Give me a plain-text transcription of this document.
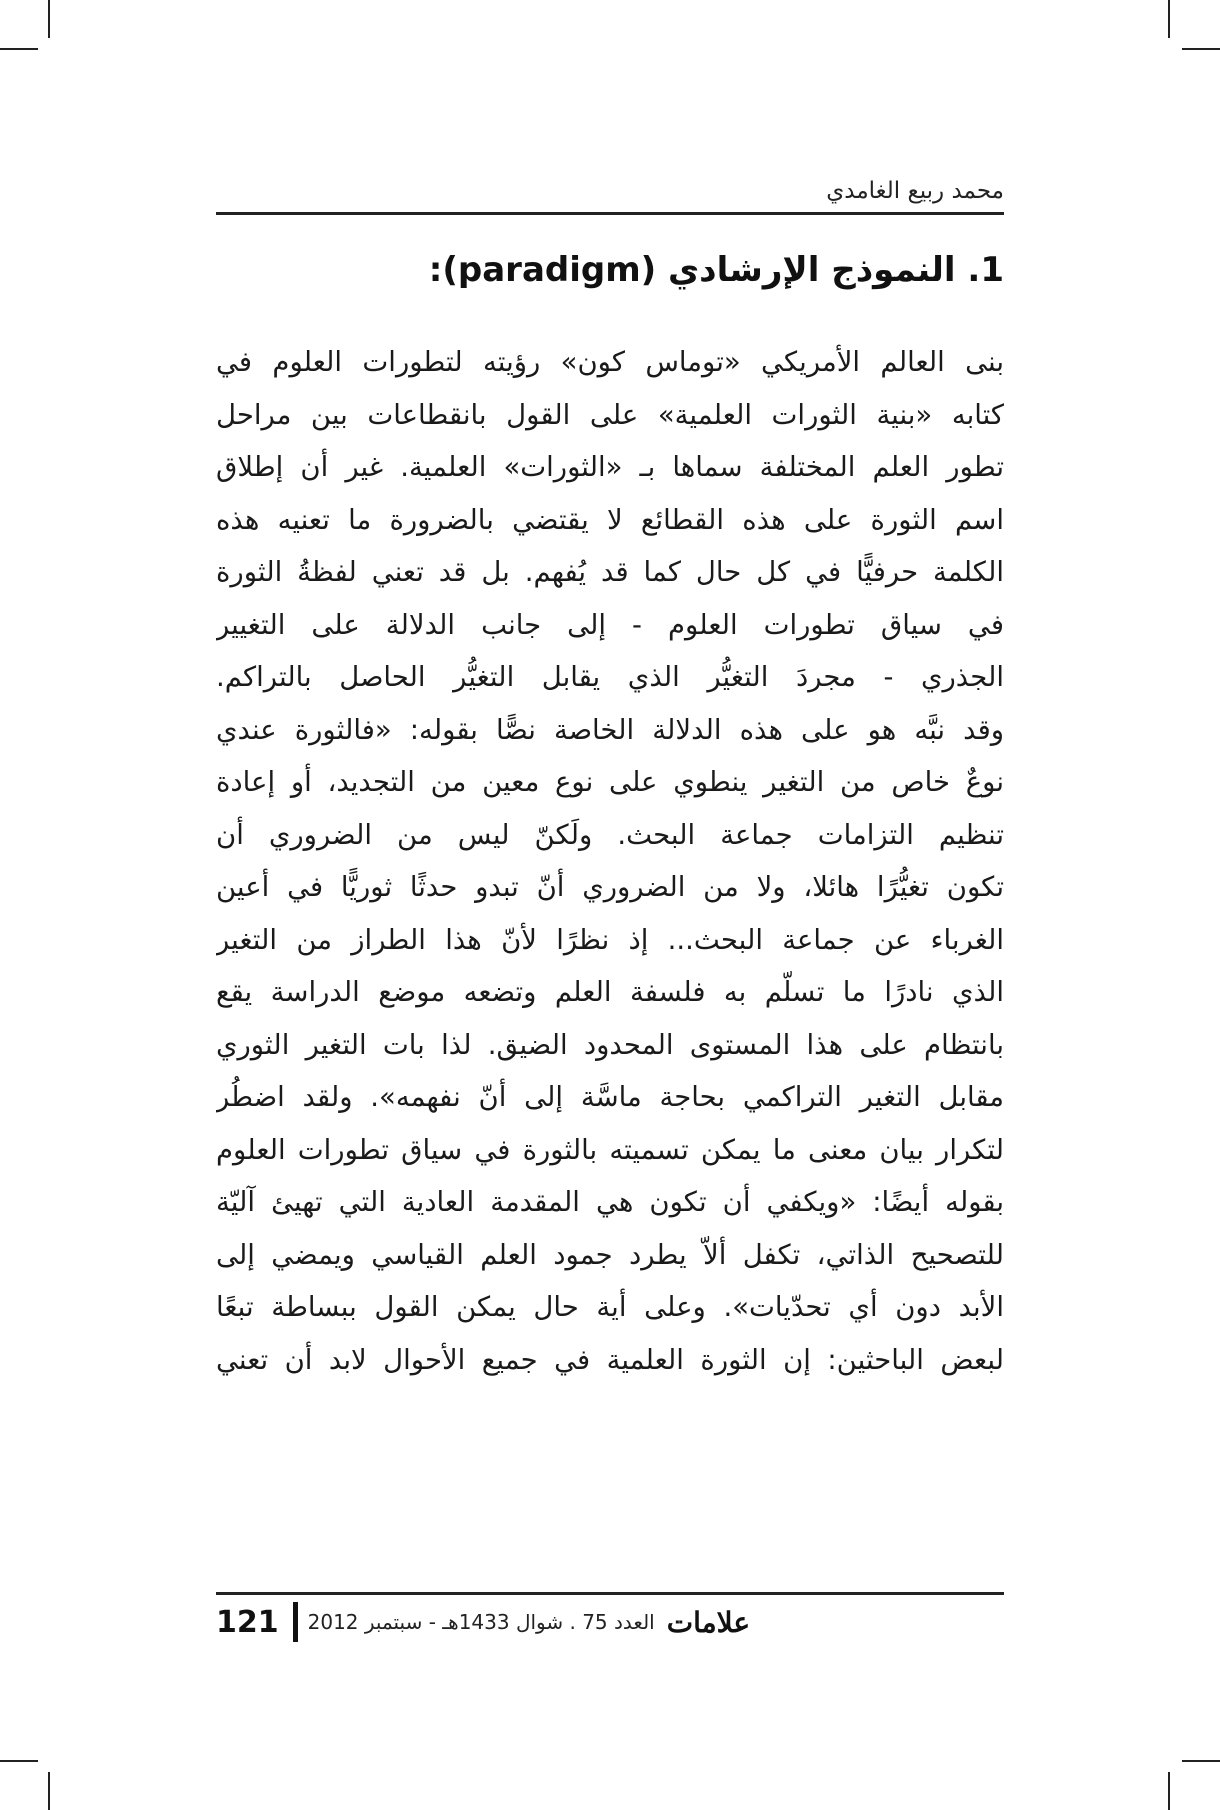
محمد ربيع الغامدي
1. النموذج الإرشادي (paradigm):
بنى العالم الأمريكي «توماس كون» رؤيته لتطورات العلوم في
كتابه «بنية الثورات العلمية» على القول بانقطاعات بين مراحل
تطور العلم المختلفة سماها بـ «الثورات» العلمية. غير أن إطلاق
اسم الثورة على هذه القطائع لا يقتضي بالضرورة ما تعنيه هذه
الكلمة حرفيًّا في كل حال كما قد يُفهم. بل قد تعني لفظةُ الثورة
في سياق تطورات العلوم - إلى جانب الدلالة على التغيير
الجذري - مجردَ التغيُّر الذي يقابل التغيُّر الحاصل بالتراكم.
وقد نبَّه هو على هذه الدلالة الخاصة نصًّا بقوله: «فالثورة عندي
نوعٌ خاص من التغير ينطوي على نوع معين من التجديد، أو إعادة
تنظيم التزامات جماعة البحث. ولَكنّ ليس من الضروري أن
تكون تغيُّرًا هائلا، ولا من الضروري أنّ تبدو حدثًا ثوريًّا في أعين
الغرباء عن جماعة البحث... إذ نظرًا لأنّ هذا الطراز من التغير
الذي نادرًا ما تسلّم به فلسفة العلم وتضعه موضع الدراسة يقع
بانتظام على هذا المستوى المحدود الضيق. لذا بات التغير الثوري
مقابل التغير التراكمي بحاجة ماسَّة إلى أنّ نفهمه». ولقد اضطُر
لتكرار بيان معنى ما يمكن تسميته بالثورة في سياق تطورات العلوم
بقوله أيضًا: «ويكفي أن تكون هي المقدمة العادية التي تهيئ آليّة
للتصحيح الذاتي، تكفل ألاّ يطرد جمود العلم القياسي ويمضي إلى
الأبد دون أي تحدّيات». وعلى أية حال يمكن القول ببساطة تبعًا
لبعض الباحثين: إن الثورة العلمية في جميع الأحوال لابد أن تعني
علامات
العدد 75 . شوال 1433هـ - سبتمبر 2012
121
